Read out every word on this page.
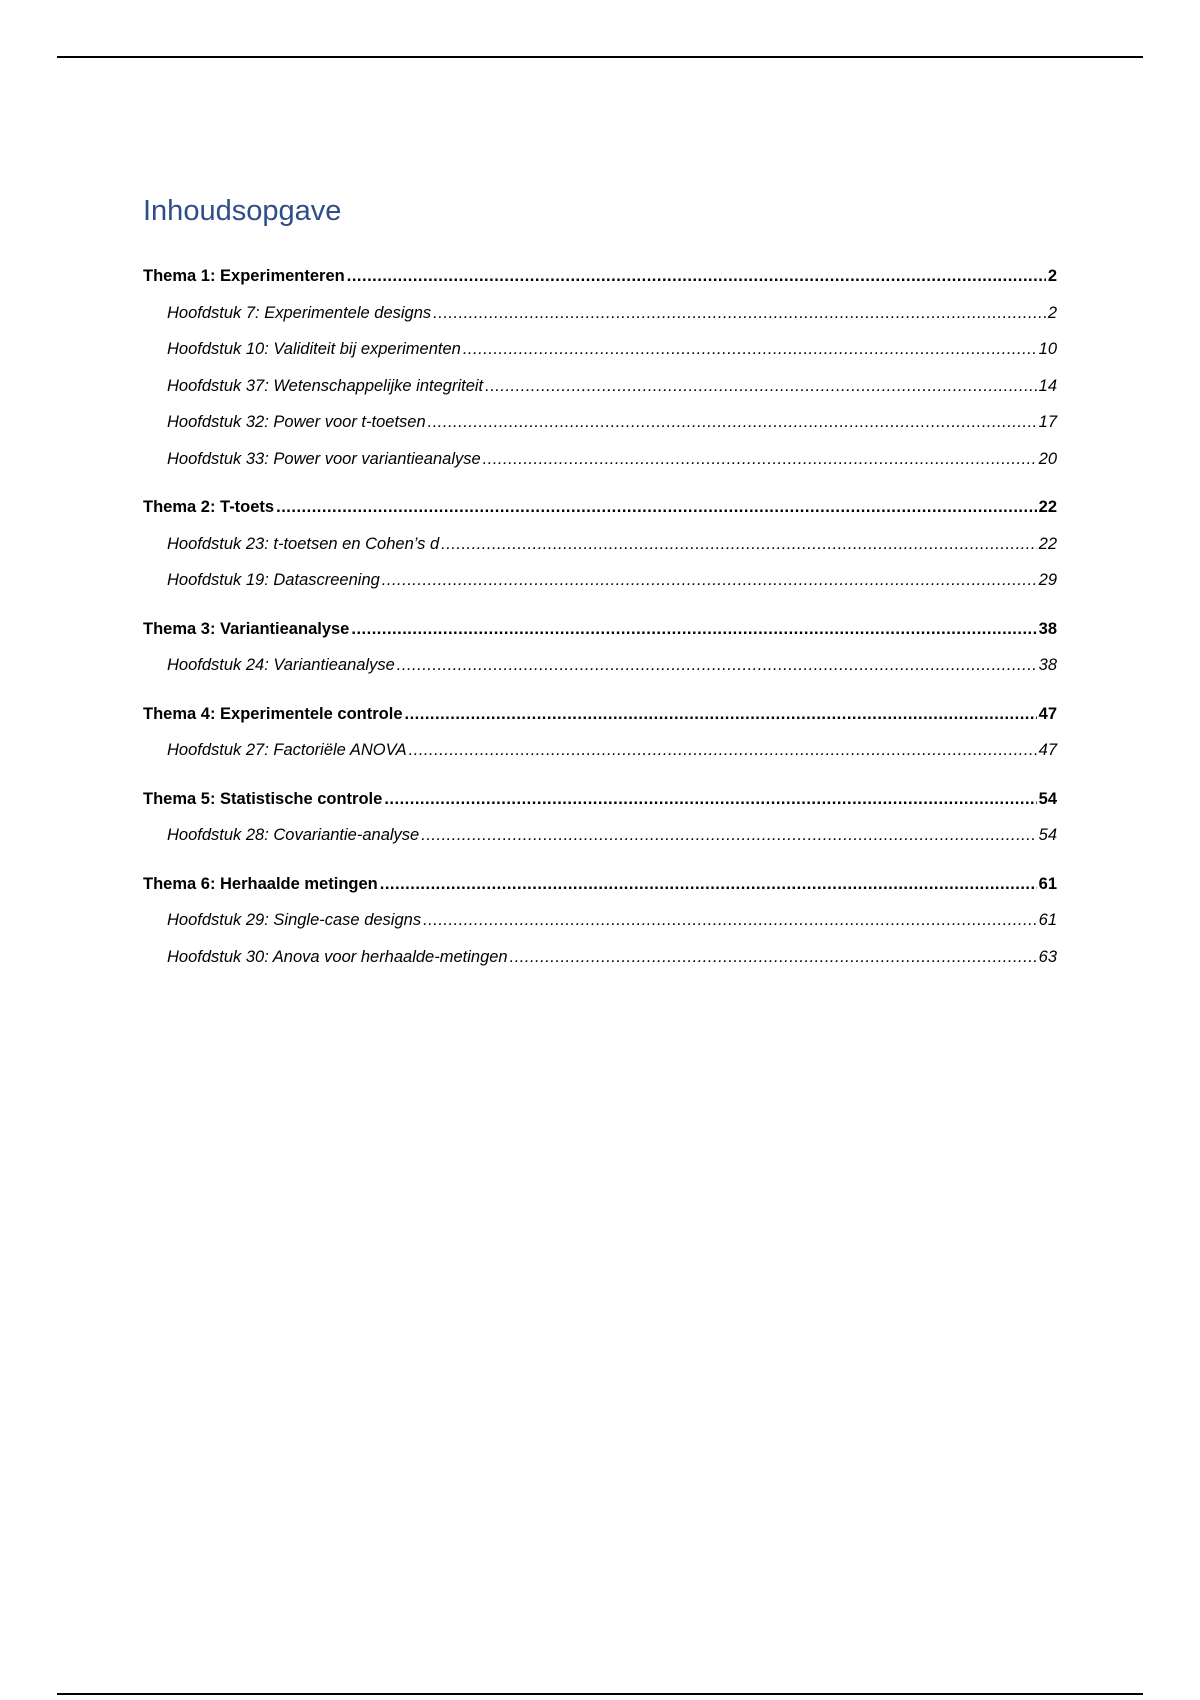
Inhoudsopgave
Thema 1: Experimenteren .....	2
Hoofdstuk 7: Experimentele designs .....	2
Hoofdstuk 10: Validiteit bij experimenten .....	10
Hoofdstuk 37: Wetenschappelijke integriteit .....	14
Hoofdstuk 32: Power voor t-toetsen .....	17
Hoofdstuk 33: Power voor variantieanalyse .....	20
Thema 2: T-toets .....	22
Hoofdstuk 23: t-toetsen en Cohen’s d .....	22
Hoofdstuk 19: Datascreening .....	29
Thema 3: Variantieanalyse .....	38
Hoofdstuk 24: Variantieanalyse .....	38
Thema 4: Experimentele controle .....	47
Hoofdstuk 27: Factoriële ANOVA .....	47
Thema 5: Statistische controle .....	54
Hoofdstuk 28: Covariantie-analyse .....	54
Thema 6: Herhaalde metingen .....	61
Hoofdstuk 29: Single-case designs .....	61
Hoofdstuk 30: Anova voor herhaalde-metingen .....	63
